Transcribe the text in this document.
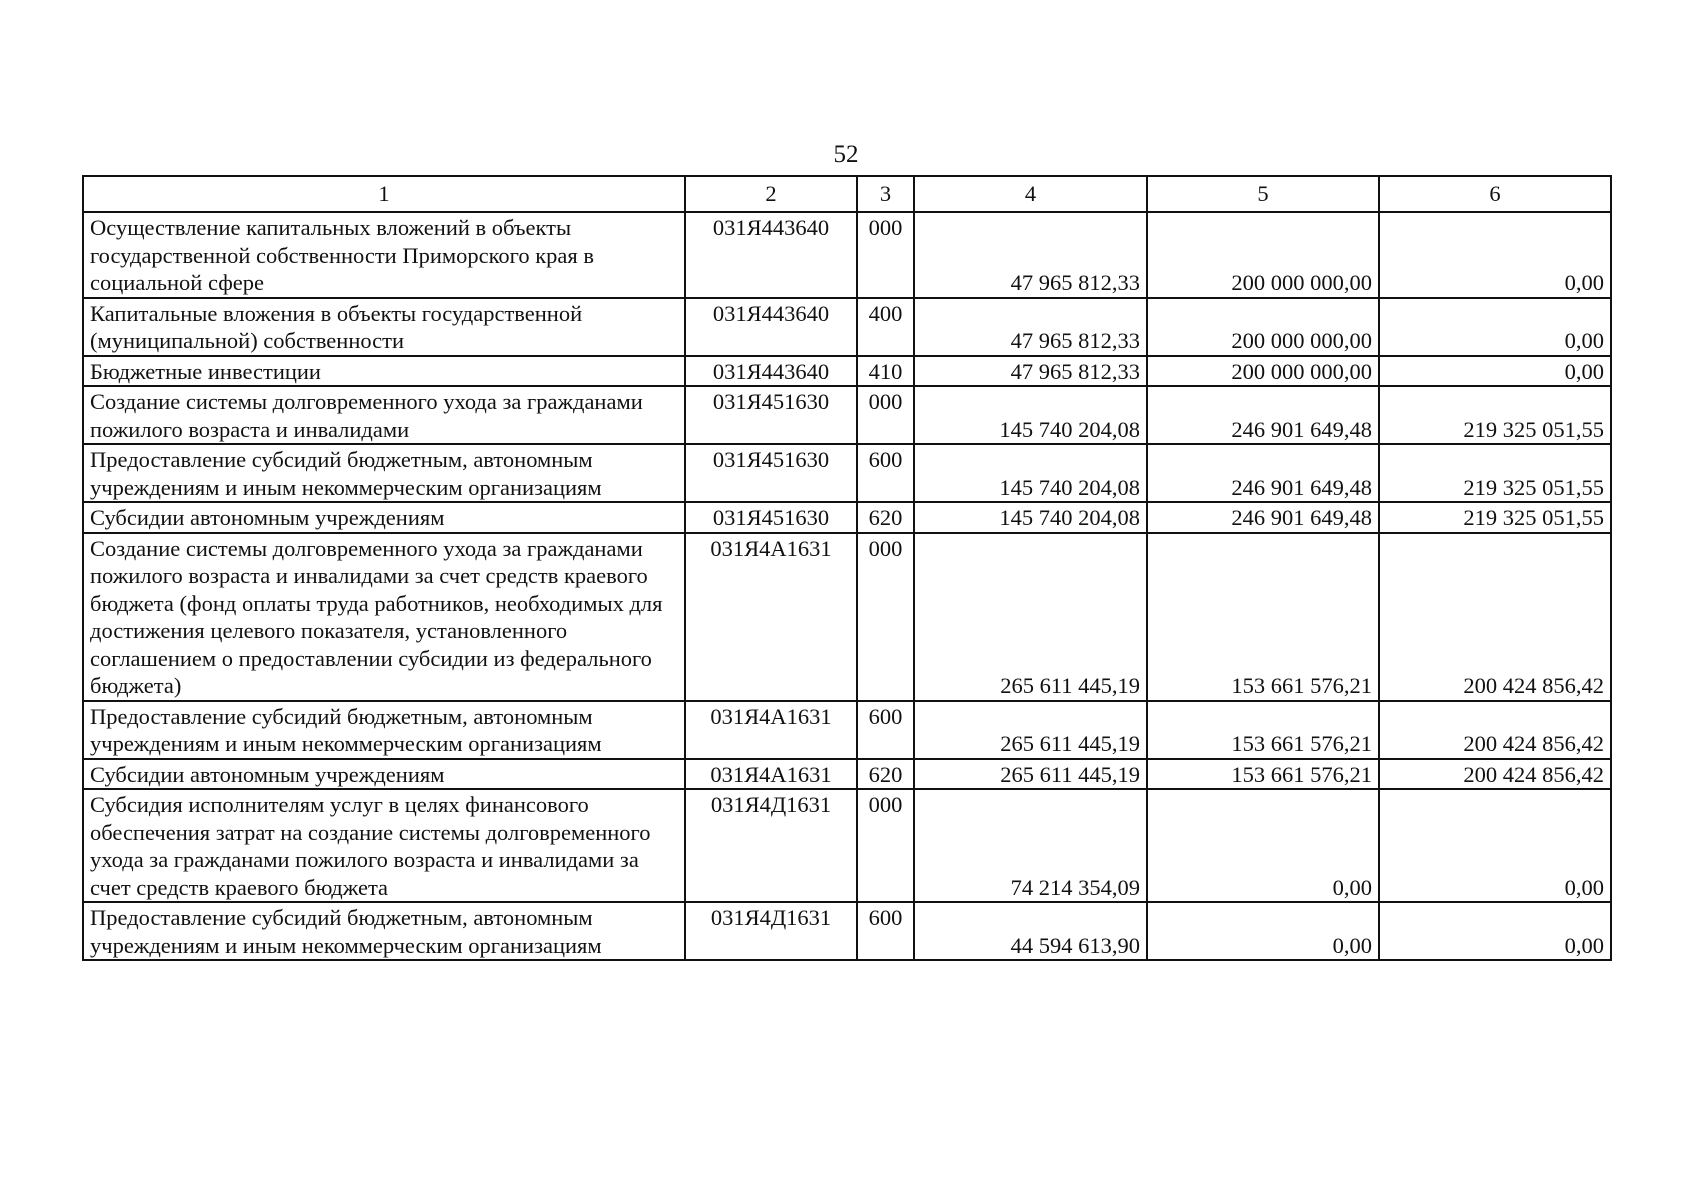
52
1	2	3	4	5	6
Осуществление капитальных вложений в объекты государственной собственности Приморского края в социальной сфере	031Я443640	000	47 965 812,33	200 000 000,00	0,00
Капитальные вложения в объекты государственной (муниципальной) собственности	031Я443640	400	47 965 812,33	200 000 000,00	0,00
Бюджетные инвестиции	031Я443640	410	47 965 812,33	200 000 000,00	0,00
Создание системы долговременного ухода за гражданами пожилого возраста и инвалидами	031Я451630	000	145 740 204,08	246 901 649,48	219 325 051,55
Предоставление субсидий бюджетным, автономным учреждениям и иным некоммерческим организациям	031Я451630	600	145 740 204,08	246 901 649,48	219 325 051,55
Субсидии автономным учреждениям	031Я451630	620	145 740 204,08	246 901 649,48	219 325 051,55
Создание системы долговременного ухода за гражданами пожилого возраста и инвалидами за счет средств краевого бюджета (фонд оплаты труда работников, необходимых для достижения целевого показателя, установленного соглашением о предоставлении субсидии из федерального бюджета)	031Я4А1631	000	265 611 445,19	153 661 576,21	200 424 856,42
Предоставление субсидий бюджетным, автономным учреждениям и иным некоммерческим организациям	031Я4А1631	600	265 611 445,19	153 661 576,21	200 424 856,42
Субсидии автономным учреждениям	031Я4А1631	620	265 611 445,19	153 661 576,21	200 424 856,42
Субсидия исполнителям услуг в целях финансового обеспечения затрат на создание системы долговременного ухода за гражданами пожилого возраста и инвалидами за счет средств краевого бюджета	031Я4Д1631	000	74 214 354,09	0,00	0,00
Предоставление субсидий бюджетным, автономным учреждениям и иным некоммерческим организациям	031Я4Д1631	600	44 594 613,90	0,00	0,00
